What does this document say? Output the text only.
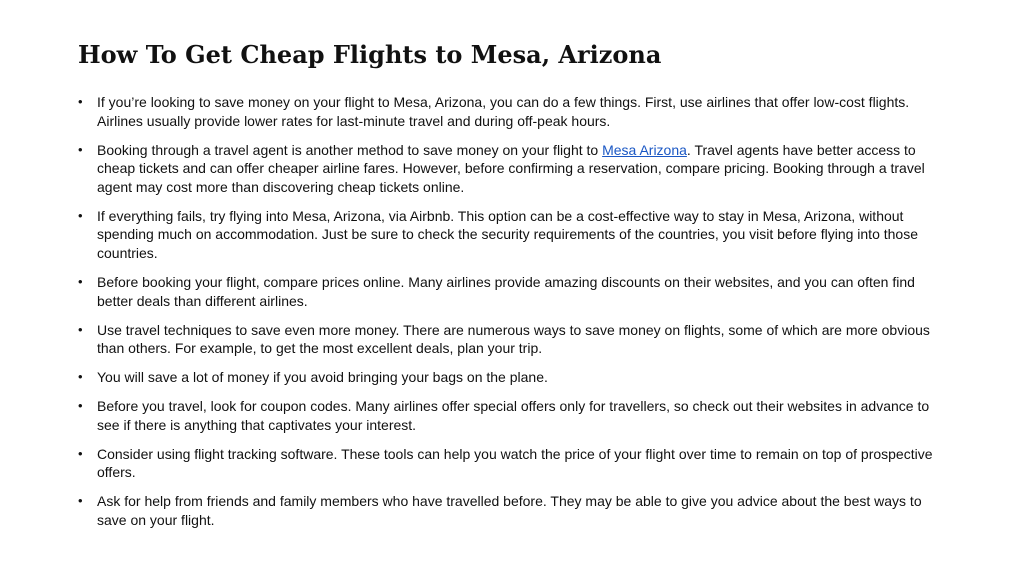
How To Get Cheap Flights to Mesa, Arizona
• If you’re looking to save money on your flight to Mesa, Arizona, you can do a few things. First, use airlines that offer low-cost flights. Airlines usually provide lower rates for last-minute travel and during off-peak hours.
• Booking through a travel agent is another method to save money on your flight to Mesa Arizona. Travel agents have better access to cheap tickets and can offer cheaper airline fares. However, before confirming a reservation, compare pricing. Booking through a travel agent may cost more than discovering cheap tickets online.
• If everything fails, try flying into Mesa, Arizona, via Airbnb. This option can be a cost-effective way to stay in Mesa, Arizona, without spending much on accommodation. Just be sure to check the security requirements of the countries, you visit before flying into those countries.
• Before booking your flight, compare prices online. Many airlines provide amazing discounts on their websites, and you can often find better deals than different airlines.
• Use travel techniques to save even more money. There are numerous ways to save money on flights, some of which are more obvious than others. For example, to get the most excellent deals, plan your trip.
• You will save a lot of money if you avoid bringing your bags on the plane.
• Before you travel, look for coupon codes. Many airlines offer special offers only for travellers, so check out their websites in advance to see if there is anything that captivates your interest.
• Consider using flight tracking software. These tools can help you watch the price of your flight over time to remain on top of prospective offers.
• Ask for help from friends and family members who have travelled before. They may be able to give you advice about the best ways to save on your flight.
